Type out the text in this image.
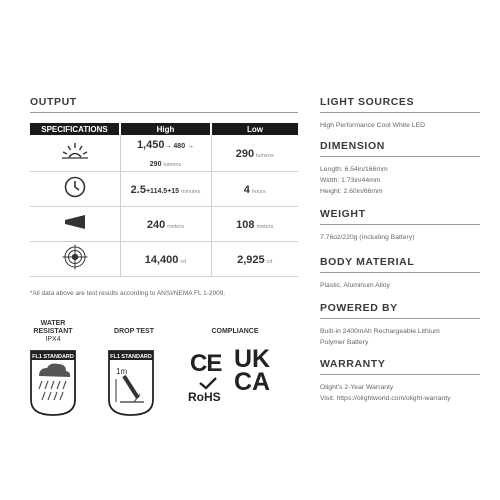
OUTPUT
SPECIFICATIONS	High	Low
	1,450→ 480 → 290 lumens	290 lumens
	2.5+114.5+15 minutes	4 hours
	240 meters	108 meters
	14,400 cd	2,925 cd
*All data above are test results according to ANSI/NEMA FL 1-2009.
WATER
RESISTANT
IPX4
FL1 STANDARD
DROP TEST
FL1 STANDARD
1m
COMPLIANCE
CE
RoHS
UK
CA
LIGHT SOURCES
High Performance Cool White LED
DIMENSION
Length: 6.54in/166mm
Width: 1.73in/44mm
Height: 2.60in/66mm
WEIGHT
7.76oz/220g (Including Battery)
BODY MATERIAL
Plastic, Aluminum Alloy
POWERED BY
Built-in 2400mAh Rechargeable Lithium
Polymer Battery
WARRANTY
Olight's 2-Year Warranty
Visit: https://olightworld.com/olight-warranty
